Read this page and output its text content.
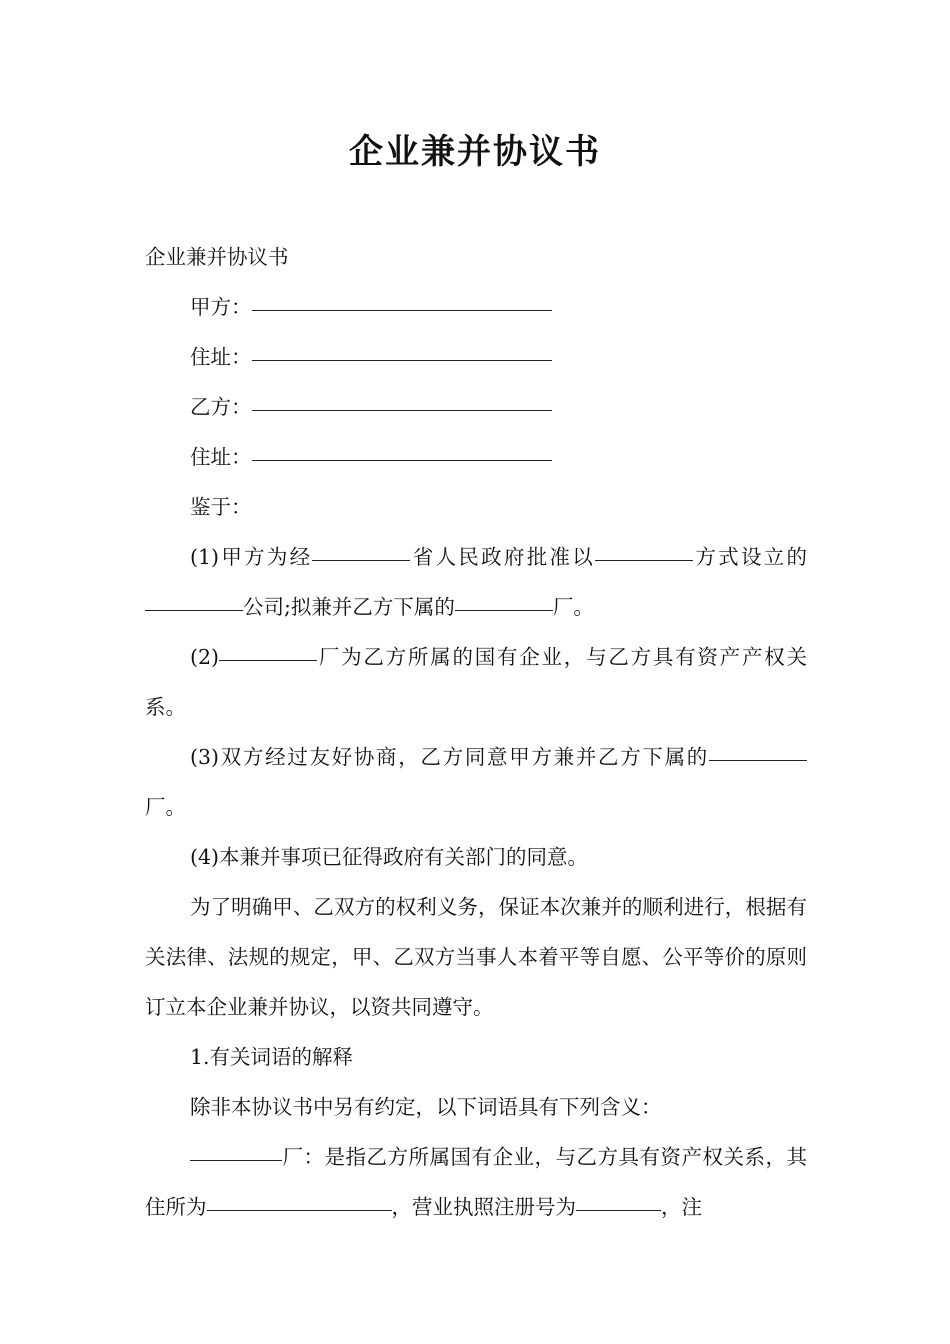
企业兼并协议书

企业兼并协议书

甲方：

住址：

乙方：

住址：

鉴于：

(1)甲方为经	省人民政府批准以	方式设立的公司;拟兼并乙方下属的	厂。

(2)	厂为乙方所属的国有企业，与乙方具有资产产权关系。

(3)双方经过友好协商，乙方同意甲方兼并乙方下属的厂。

(4)本兼并事项已征得政府有关部门的同意。

为了明确甲、乙双方的权利义务，保证本次兼并的顺利进行，根据有关法律、法规的规定，甲、乙双方当事人本着平等自愿、公平等价的原则订立本企业兼并协议，以资共同遵守。

1.有关词语的解释

除非本协议书中另有约定，以下词语具有下列含义：

厂：是指乙方所属国有企业，与乙方具有资产权关系，其住所为	，营业执照注册号为	，注
